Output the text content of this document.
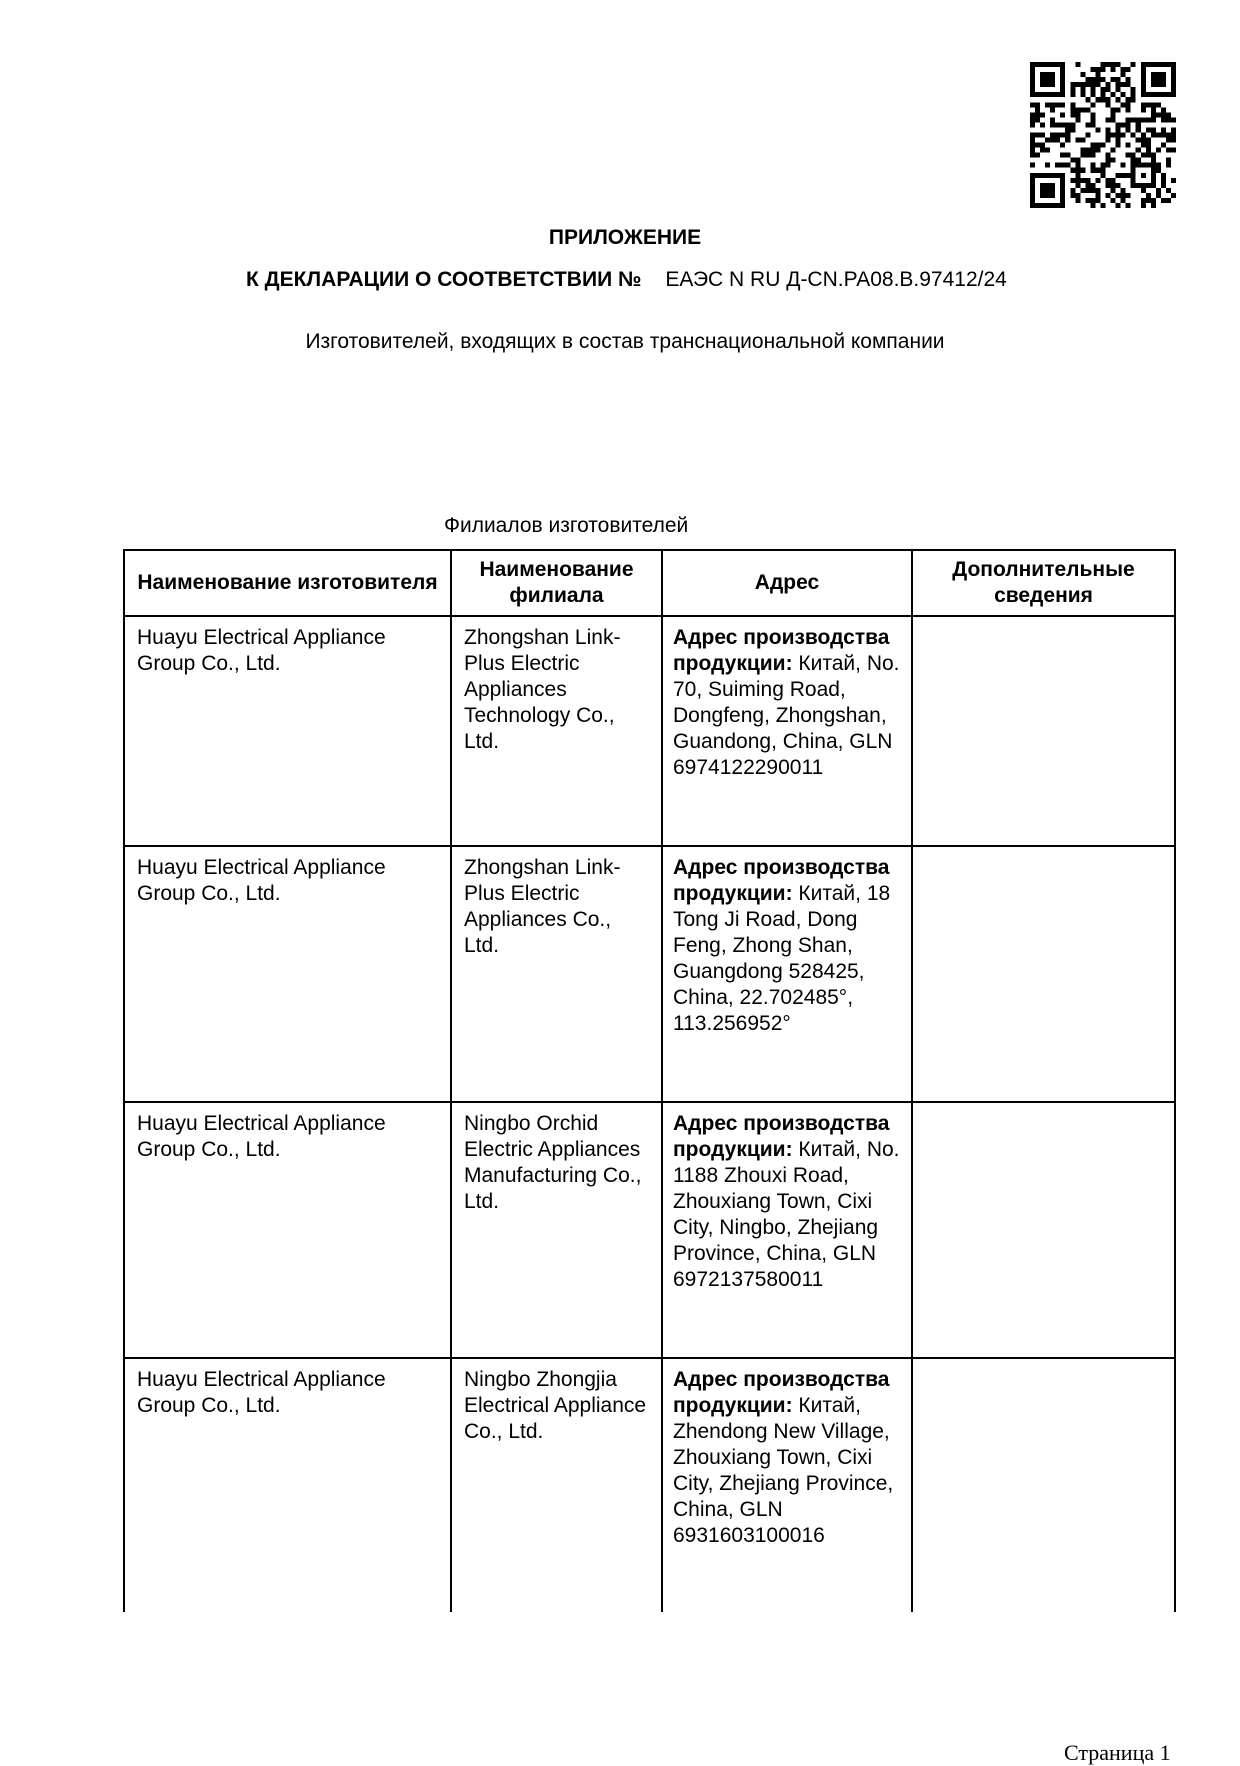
ПРИЛОЖЕНИЕ
К ДЕКЛАРАЦИИ О СООТВЕТСТВИИ № ЕАЭС N RU Д-CN.РА08.В.97412/24
Изготовителей, входящих в состав транснациональной компании
Филиалов изготовителей
Наименование изготовителя	Наименование филиала	Адрес	Дополнительные сведения
Huayu Electrical Appliance Group Co., Ltd.	Zhongshan Link-Plus Electric Appliances Technology Co., Ltd.	Адрес производства продукции: Китай, No. 70, Suiming Road, Dongfeng, Zhongshan, Guandong, China, GLN 6974122290011	
Huayu Electrical Appliance Group Co., Ltd.	Zhongshan Link-Plus Electric Appliances Co., Ltd.	Адрес производства продукции: Китай, 18 Tong Ji Road, Dong Feng, Zhong Shan, Guangdong 528425, China, 22.702485°, 113.256952°	
Huayu Electrical Appliance Group Co., Ltd.	Ningbo Orchid Electric Appliances Manufacturing Co., Ltd.	Адрес производства продукции: Китай, No. 1188 Zhouxi Road, Zhouxiang Town, Cixi City, Ningbo, Zhejiang Province, China, GLN 6972137580011	
Huayu Electrical Appliance Group Co., Ltd.	Ningbo Zhongjia Electrical Appliance Co., Ltd.	Адрес производства продукции: Китай, Zhendong New Village, Zhouxiang Town, Cixi City, Zhejiang Province, China, GLN 6931603100016	
Страница 1
